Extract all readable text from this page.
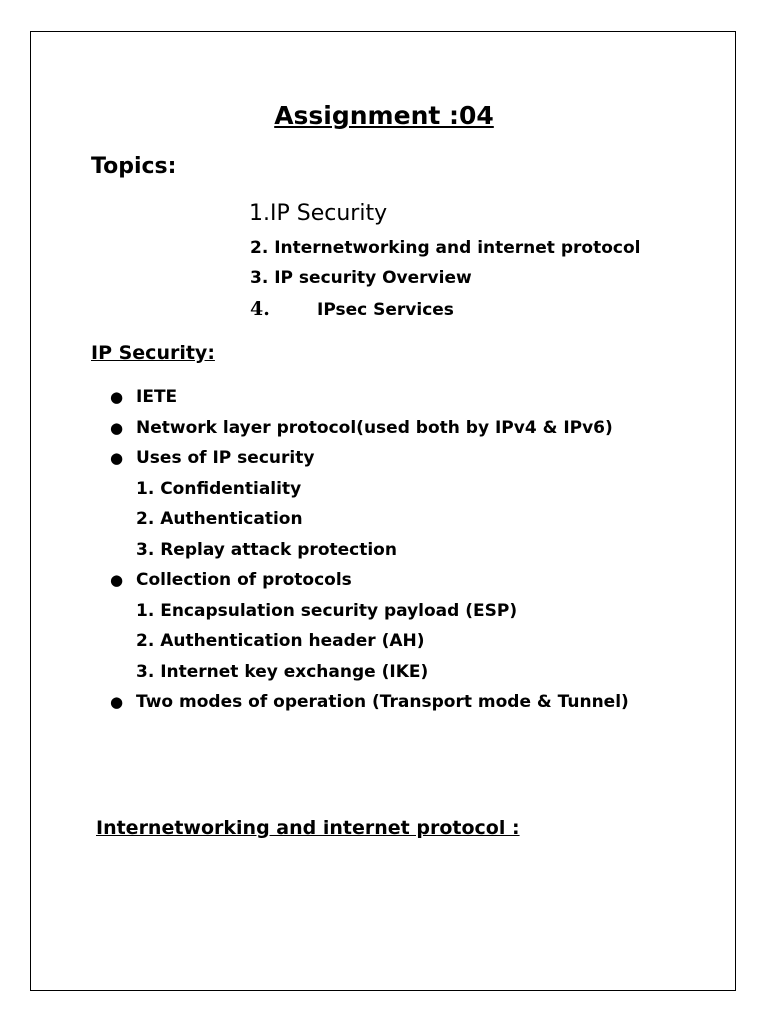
Assignment :04
Topics:
1.IP Security
2. Internetworking and internet protocol
3. IP security Overview
4.	IPsec Services
IP Security:
● IETE
● Network layer protocol(used both by IPv4 & IPv6)
● Uses of IP security
1. Confidentiality
2. Authentication
3. Replay attack protection
● Collection of protocols
1. Encapsulation security payload (ESP)
2. Authentication header (AH)
3. Internet key exchange (IKE)
● Two modes of operation (Transport mode & Tunnel)
Internetworking and internet protocol :
